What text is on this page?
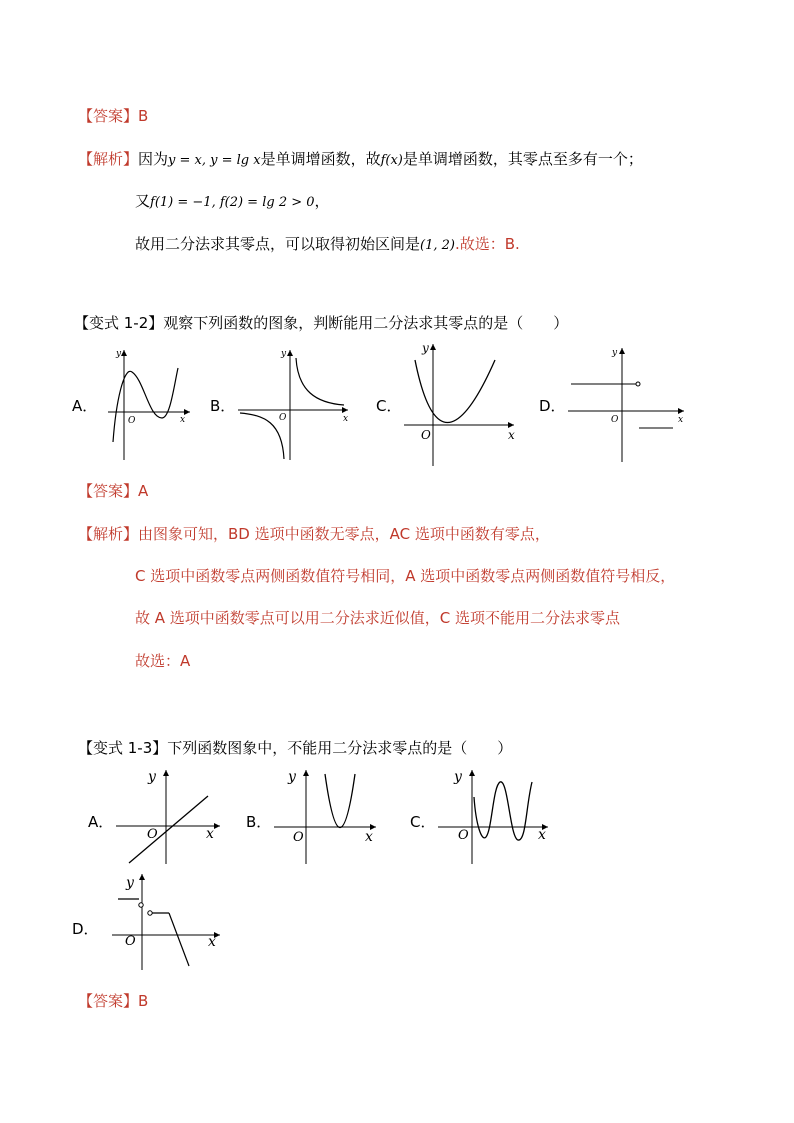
【答案】B
【解析】因为y = x, y = lg x是单调增函数，故f(x)是单调增函数，其零点至多有一个；
又f(1) = −1, f(2) = lg 2 > 0，
故用二分法求其零点，可以取得初始区间是(1, 2).故选：B.
【变式 1-2】观察下列函数的图象，判断能用二分法求其零点的是（　　）
A．
y
x
O
B．
y
x
O
C．
y
x
O
D．
y
x
O
【答案】A
【解析】由图象可知，BD 选项中函数无零点，AC 选项中函数有零点，
C 选项中函数零点两侧函数值符号相同，A 选项中函数零点两侧函数值符号相反，
故 A 选项中函数零点可以用二分法求近似值，C 选项不能用二分法求零点
故选：A
【变式 1-3】下列函数图象中，不能用二分法求零点的是（　　）
A．
y
x
O
B．
y
x
O
C．
y
x
O
D．
y
x
O
【答案】B
